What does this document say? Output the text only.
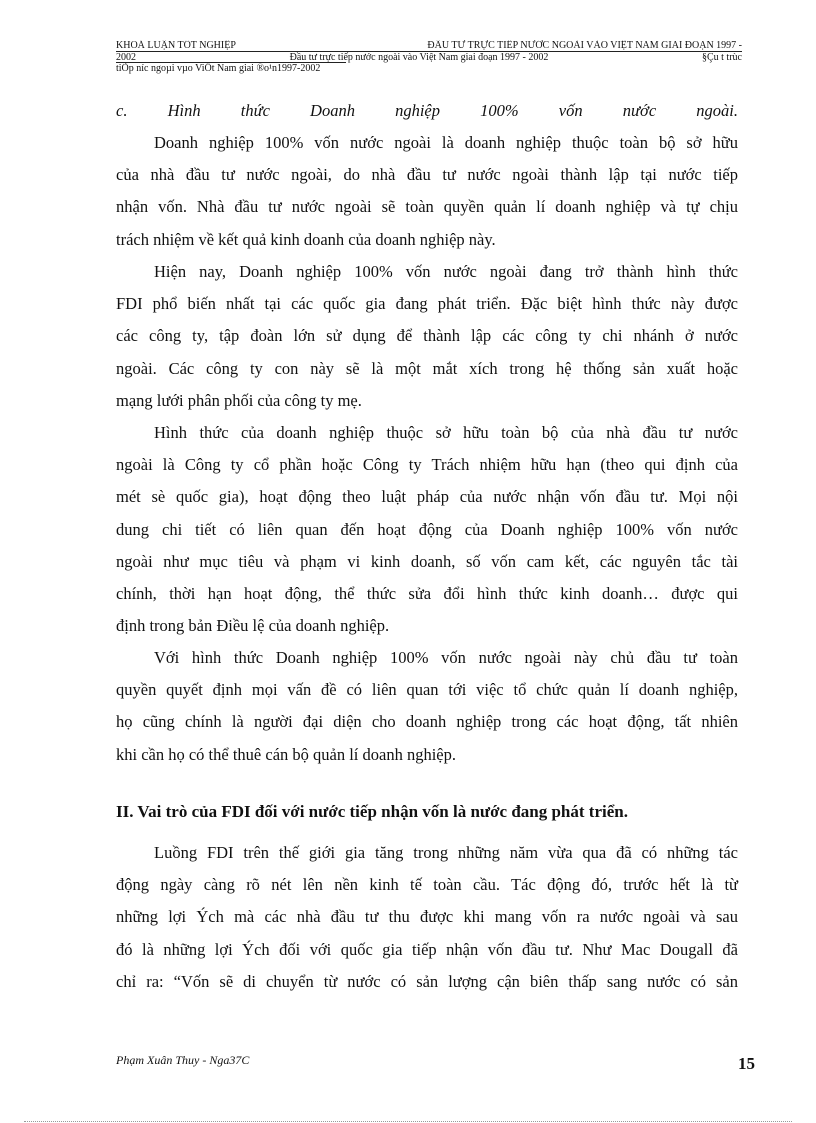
KHOÁ LUẬN TỐT NGHIỆP	ĐẦU TƯ TRỰC TIẾP NƯỚC NGOÀI VÀO VIỆT NAM GIAI ĐOẠN 1997 -
2002	Đầu tư trực tiếp nước ngoài vào Việt Nam giai đoạn 1997 - 2002	§Çu t trùc
tiÕp níc ngoµi vµo ViÖt Nam giai ®o¹n1997-2002
c. Hình thức Doanh nghiệp 100% vốn nước ngoài.
Doanh nghiệp 100% vốn nước ngoài là doanh nghiệp thuộc toàn bộ sở hữu
của nhà đầu tư nước ngoài, do nhà đầu tư nước ngoài thành lập tại nước tiếp
nhận vốn. Nhà đầu tư nước ngoài sẽ toàn quyền quản lí doanh nghiệp và tự chịu
trách nhiệm về kết quả kinh doanh của doanh nghiệp này.
Hiện nay, Doanh nghiệp 100% vốn nước ngoài đang trở thành hình thức
FDI phổ biến nhất tại các quốc gia đang phát triển. Đặc biệt hình thức này được
các công ty, tập đoàn lớn sử dụng để thành lập các công ty chi nhánh ở nước
ngoài. Các công ty con này sẽ là một mắt xích trong hệ thống sản xuất hoặc
mạng lưới phân phối của công ty mẹ.
Hình thức của doanh nghiệp thuộc sở hữu toàn bộ của nhà đầu tư nước
ngoài là Công ty cổ phần hoặc Công ty Trách nhiệm hữu hạn (theo qui định của
mét sè quốc gia), hoạt động theo luật pháp của nước nhận vốn đầu tư. Mọi nội
dung chi tiết có liên quan đến hoạt động của Doanh nghiệp 100% vốn nước
ngoài như mục tiêu và phạm vi kinh doanh, số vốn cam kết, các nguyên tắc tài
chính, thời hạn hoạt động, thể thức sửa đổi hình thức kinh doanh… được qui
định trong bản Điều lệ của doanh nghiệp.
Với hình thức Doanh nghiệp 100% vốn nước ngoài này chủ đầu tư toàn
quyền quyết định mọi vấn đề có liên quan tới việc tổ chức quản lí doanh nghiệp,
họ cũng chính là người đại diện cho doanh nghiệp trong các hoạt động, tất nhiên
khi cần họ có thể thuê cán bộ quản lí doanh nghiệp.
II. Vai trò của FDI đối với nước tiếp nhận vốn là nước đang phát triển.
Luồng FDI trên thế giới gia tăng trong những năm vừa qua đã có những tác
động ngày càng rõ nét lên nền kinh tế toàn cầu. Tác động đó, trước hết là từ
những lợi Ých mà các nhà đầu tư thu được khi mang vốn ra nước ngoài và sau
đó là những lợi Ých đối với quốc gia tiếp nhận vốn đầu tư. Như Mac Dougall đã
chỉ ra: “Vốn sẽ di chuyển từ nước có sản lượng cận biên thấp sang nước có sản
Phạm Xuân Thuy - Nga37C	15
